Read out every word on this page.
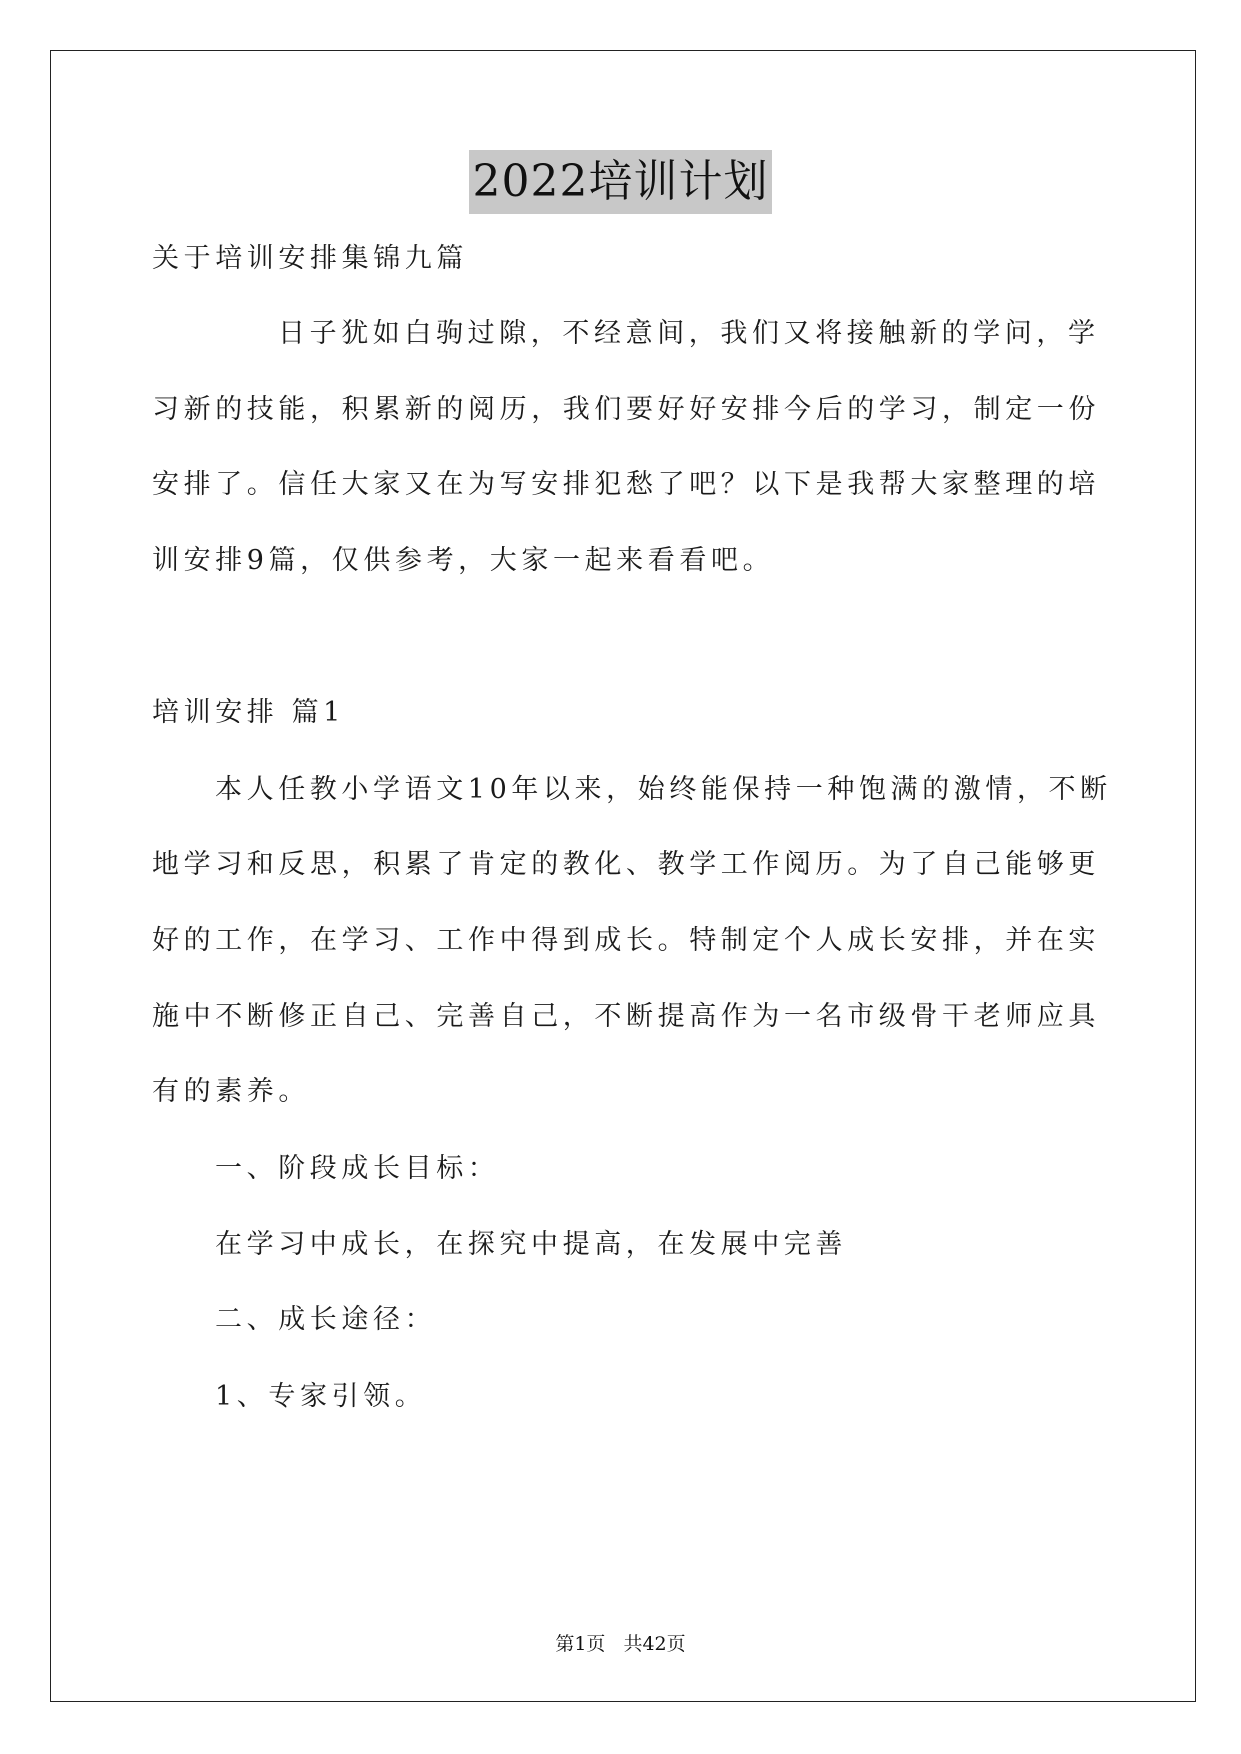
2022培训计划
关于培训安排集锦九篇
日子犹如白驹过隙，不经意间，我们又将接触新的学问，学
习新的技能，积累新的阅历，我们要好好安排今后的学习，制定一份
安排了。信任大家又在为写安排犯愁了吧？以下是我帮大家整理的培
训安排9篇，仅供参考，大家一起来看看吧。
培训安排 篇1
本人任教小学语文10年以来，始终能保持一种饱满的激情，不断
地学习和反思，积累了肯定的教化、教学工作阅历。为了自己能够更
好的工作，在学习、工作中得到成长。特制定个人成长安排，并在实
施中不断修正自己、完善自己，不断提高作为一名市级骨干老师应具
有的素养。
一、阶段成长目标：
在学习中成长，在探究中提高，在发展中完善
二、成长途径：
1、专家引领。
第1页 共42页
